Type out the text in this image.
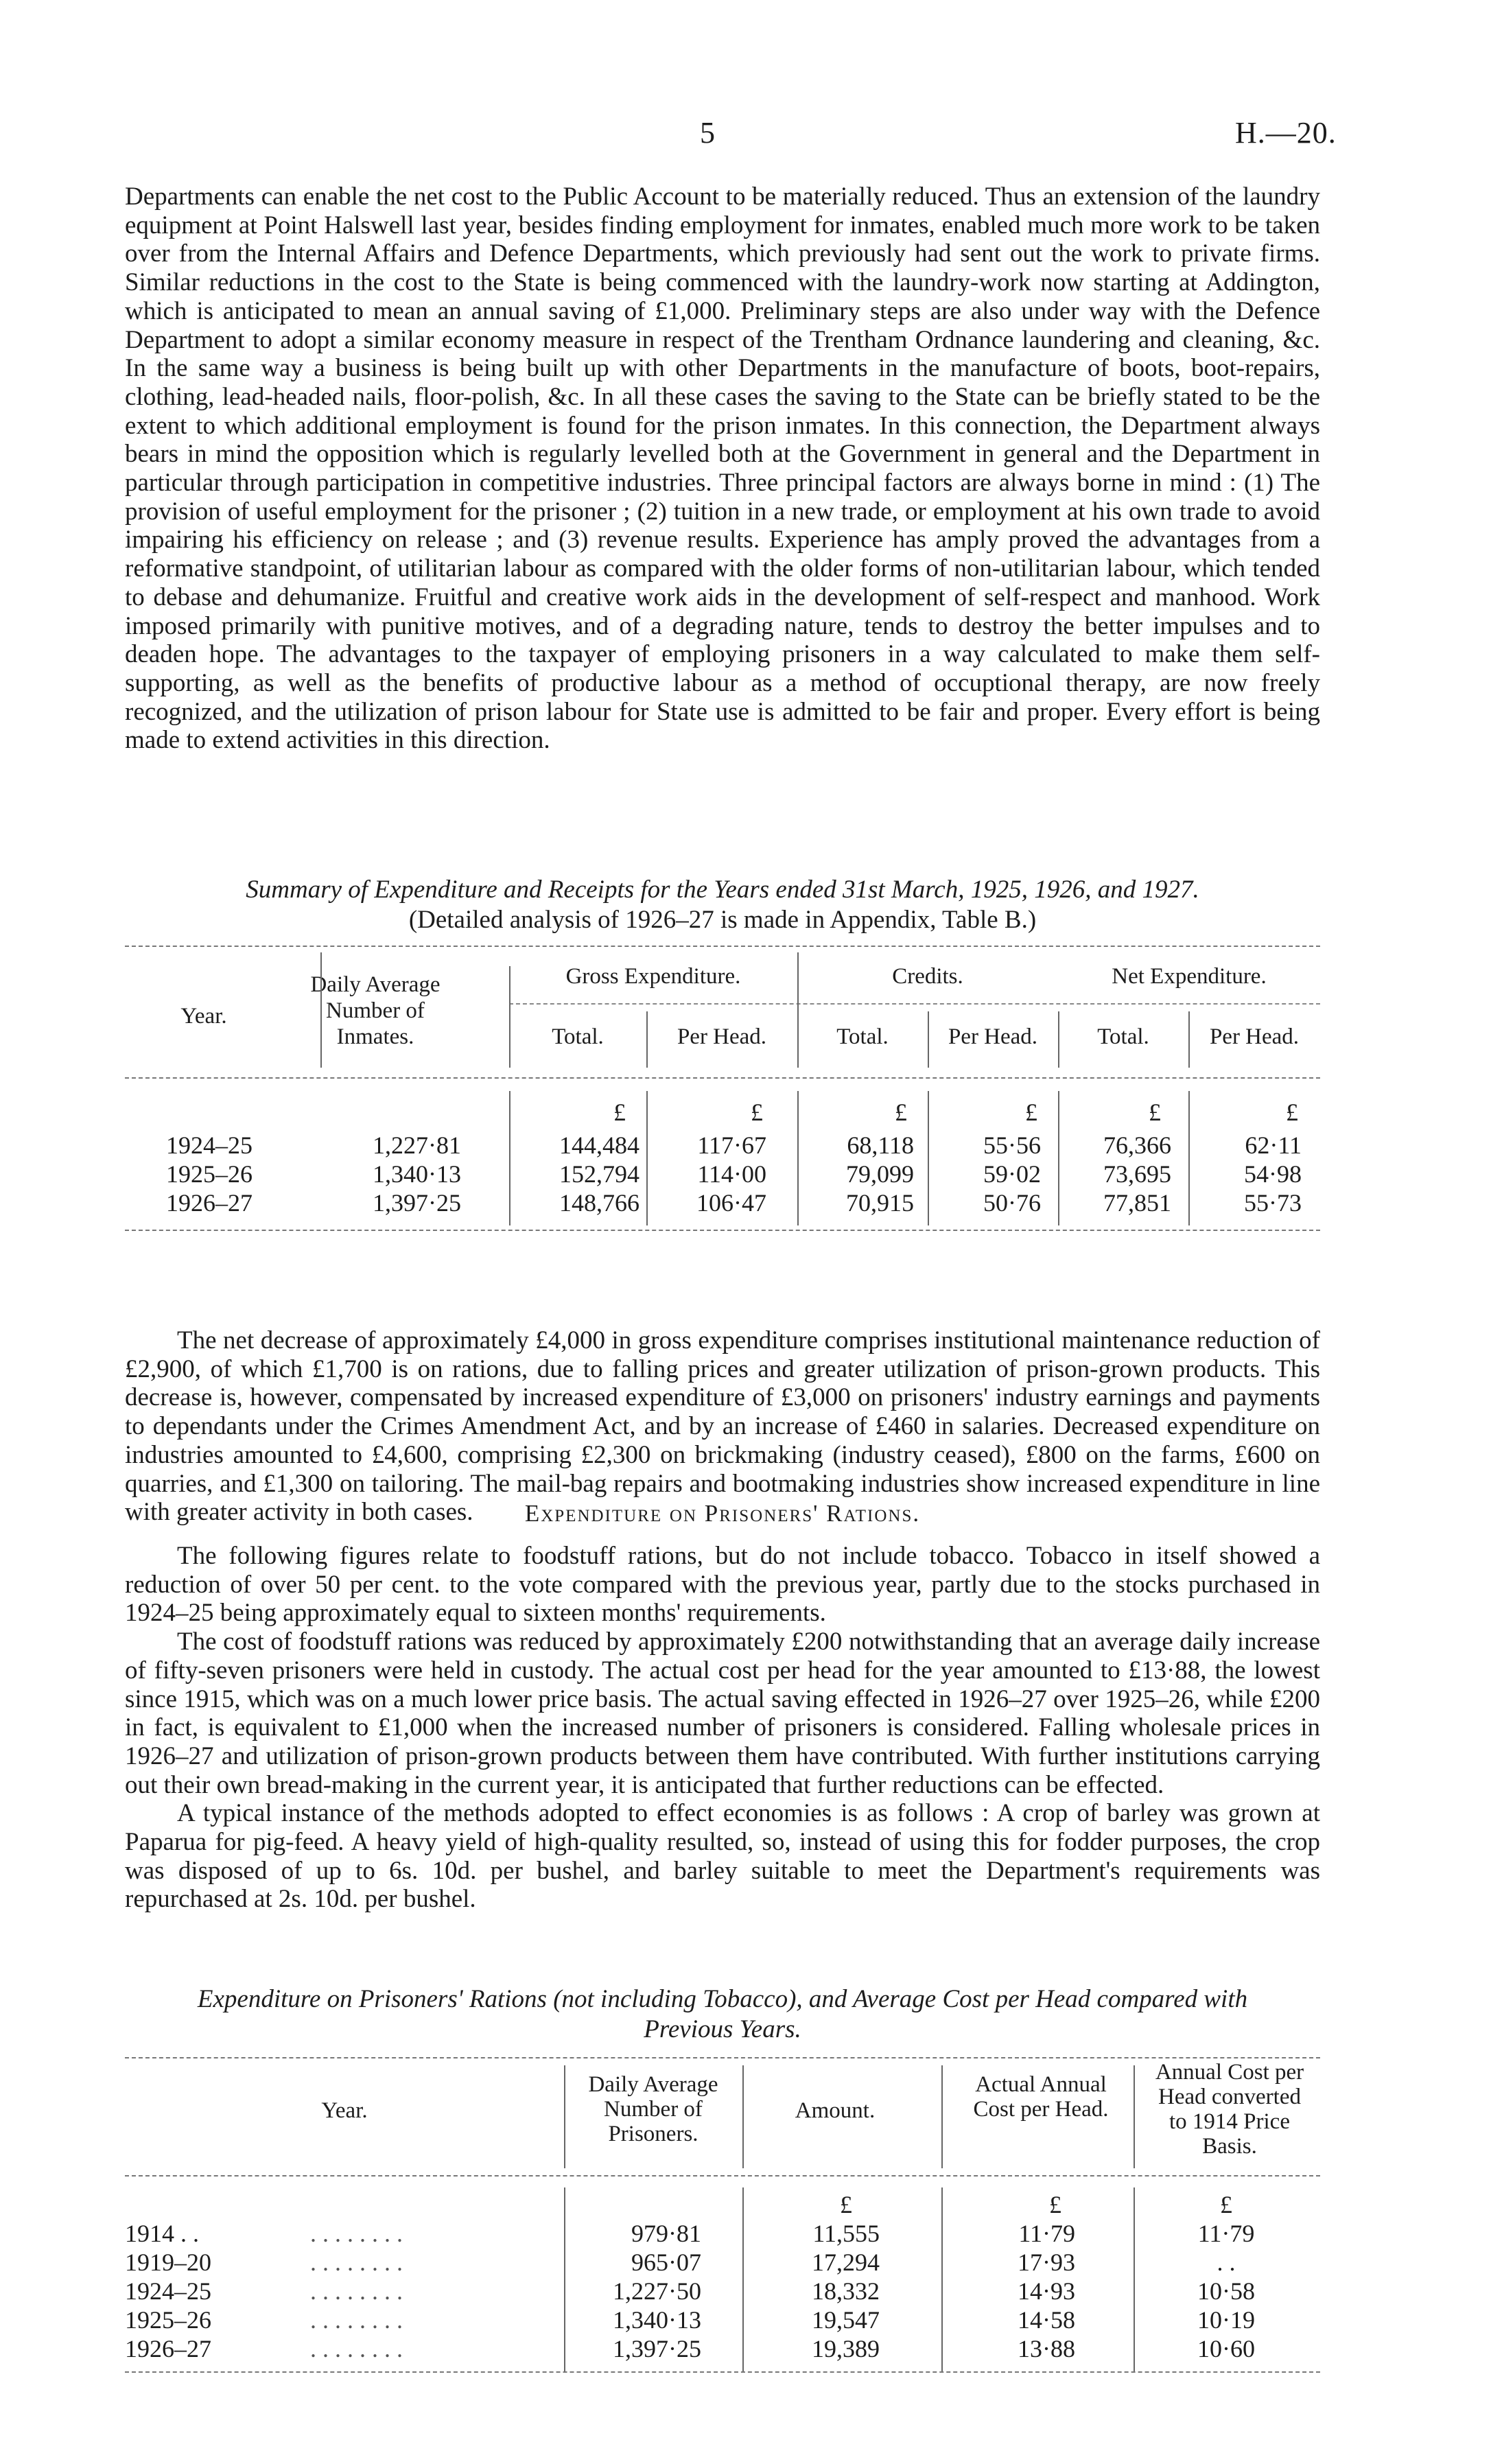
5	H.—20.

Departments can enable the net cost to the Public Account to be materially reduced. Thus an extension of the laundry equipment at Point Halswell last year, besides finding employment for inmates, enabled much more work to be taken over from the Internal Affairs and Defence Departments, which previously had sent out the work to private firms. Similar reductions in the cost to the State is being commenced with the laundry-work now starting at Addington, which is anticipated to mean an annual saving of £1,000. Preliminary steps are also under way with the Defence Department to adopt a similar economy measure in respect of the Trentham Ordnance laundering and cleaning, &c. In the same way a business is being built up with other Departments in the manufacture of boots, boot-repairs, clothing, lead-headed nails, floor-polish, &c. In all these cases the saving to the State can be briefly stated to be the extent to which additional employment is found for the prison inmates. In this connection, the Department always bears in mind the opposition which is regularly levelled both at the Government in general and the Department in particular through participation in competitive industries. Three principal factors are always borne in mind : (1) The provision of useful employment for the prisoner ; (2) tuition in a new trade, or employment at his own trade to avoid impairing his efficiency on release ; and (3) revenue results. Experience has amply proved the advantages from a reformative standpoint, of utilitarian labour as compared with the older forms of non-utilitarian labour, which tended to debase and dehumanize. Fruitful and creative work aids in the development of self-respect and manhood. Work imposed primarily with punitive motives, and of a degrading nature, tends to destroy the better impulses and to deaden hope. The advantages to the taxpayer of employing prisoners in a way calculated to make them self-supporting, as well as the benefits of productive labour as a method of occuptional therapy, are now freely recognized, and the utilization of prison labour for State use is admitted to be fair and proper. Every effort is being made to extend activities in this direction.

Summary of Expenditure and Receipts for the Years ended 31st March, 1925, 1926, and 1927.
(Detailed analysis of 1926–27 is made in Appendix, Table B.)
Year.
Daily Average Number of Inmates.
Gross Expenditure.	Credits.	Net Expenditure.
Total.	Per Head.	Total.	Per Head.	Total.	Per Head.
£	£	£	£	£	£
1924–25	1,227·81	144,484	117·67	68,118	55·56	76,366	62·11
1925–26	1,340·13	152,794	114·00	79,099	59·02	73,695	54·98
1926–27	1,397·25	148,766	106·47	70,915	50·76	77,851	55·73

The net decrease of approximately £4,000 in gross expenditure comprises institutional maintenance reduction of £2,900, of which £1,700 is on rations, due to falling prices and greater utilization of prison-grown products. This decrease is, however, compensated by increased expenditure of £3,000 on prisoners' industry earnings and payments to dependants under the Crimes Amendment Act, and by an increase of £460 in salaries. Decreased expenditure on industries amounted to £4,600, comprising £2,300 on brickmaking (industry ceased), £800 on the farms, £600 on quarries, and £1,300 on tailoring. The mail-bag repairs and bootmaking industries show increased expenditure in line with greater activity in both cases.	Expenditure on Prisoners' Rations.

The following figures relate to foodstuff rations, but do not include tobacco. Tobacco in itself showed a reduction of over 50 per cent. to the vote compared with the previous year, partly due to the stocks purchased in 1924–25 being approximately equal to sixteen months' requirements.

The cost of foodstuff rations was reduced by approximately £200 notwithstanding that an average daily increase of fifty-seven prisoners were held in custody. The actual cost per head for the year amounted to £13·88, the lowest since 1915, which was on a much lower price basis. The actual saving effected in 1926–27 over 1925–26, while £200 in fact, is equivalent to £1,000 when the increased number of prisoners is considered. Falling wholesale prices in 1926–27 and utilization of prison-grown products between them have contributed. With further institutions carrying out their own bread-making in the current year, it is anticipated that further reductions can be effected.

A typical instance of the methods adopted to effect economies is as follows : A crop of barley was grown at Paparua for pig-feed. A heavy yield of high-quality resulted, so, instead of using this for fodder purposes, the crop was disposed of up to 6s. 10d. per bushel, and barley suitable to meet the Department's requirements was repurchased at 2s. 10d. per bushel.

Expenditure on Prisoners' Rations (not including Tobacco), and Average Cost per Head compared with
Previous Years.
Year.
Daily Average Number of Prisoners.
Amount.
Actual Annual Cost per Head.
Annual Cost per Head converted to 1914 Price Basis.
£	£	£
1914 . .	. . . . . . . .	979·81	11,555	11·79	11·79
1919–20	. . . . . . . .	965·07	17,294	17·93	. .
1924–25	. . . . . . . .	1,227·50	18,332	14·93	10·58
1925–26	. . . . . . . .	1,340·13	19,547	14·58	10·19
1926–27	. . . . . . . .	1,397·25	19,389	13·88	10·60
